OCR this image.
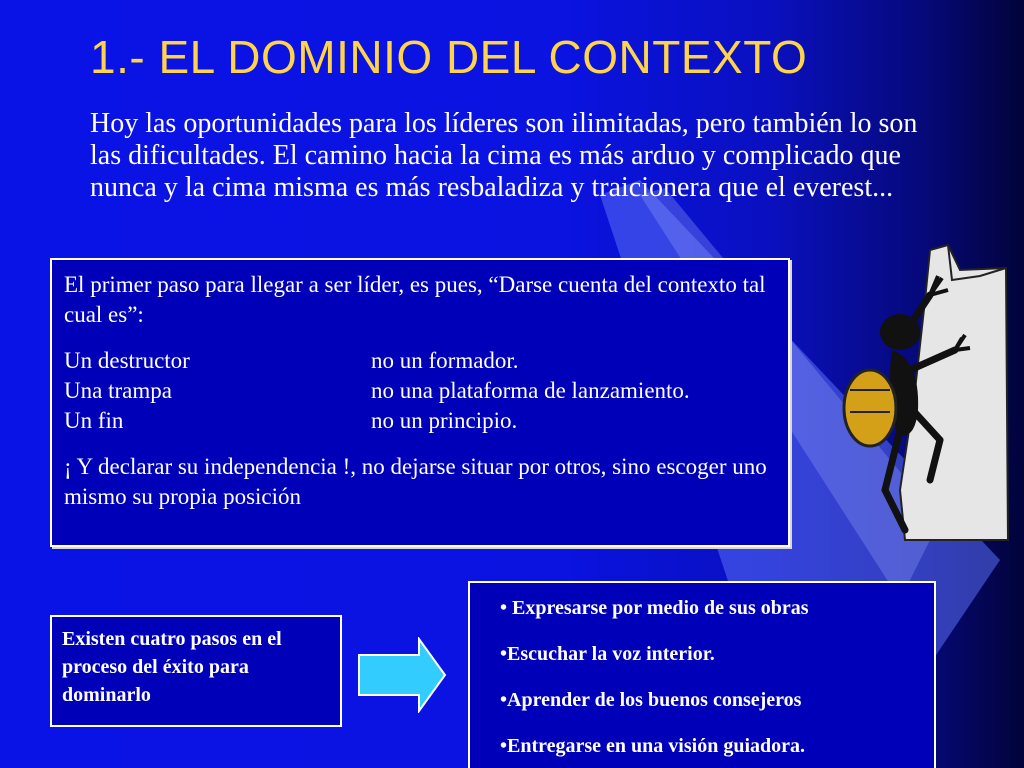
1.- EL DOMINIO DEL CONTEXTO
Hoy las oportunidades para los líderes son ilimitadas, pero también lo son las dificultades. El camino hacia la cima es más arduo y complicado que nunca y la cima misma es más resbaladiza y traicionera que el everest...

El primer paso para llegar a ser líder, es pues, “Darse cuenta del contexto tal cual es”:

Un destructor	no un formador.
Una trampa	no una plataforma de lanzamiento.
Un fin	no un principio.

¡ Y declarar su independencia !, no dejarse situar por otros, sino escoger uno mismo su propia posición

Existen cuatro pasos en el proceso del éxito para dominarlo
• Expresarse por medio de sus obras
•Escuchar la voz interior.
•Aprender de los buenos consejeros
•Entregarse en una visión guiadora.
